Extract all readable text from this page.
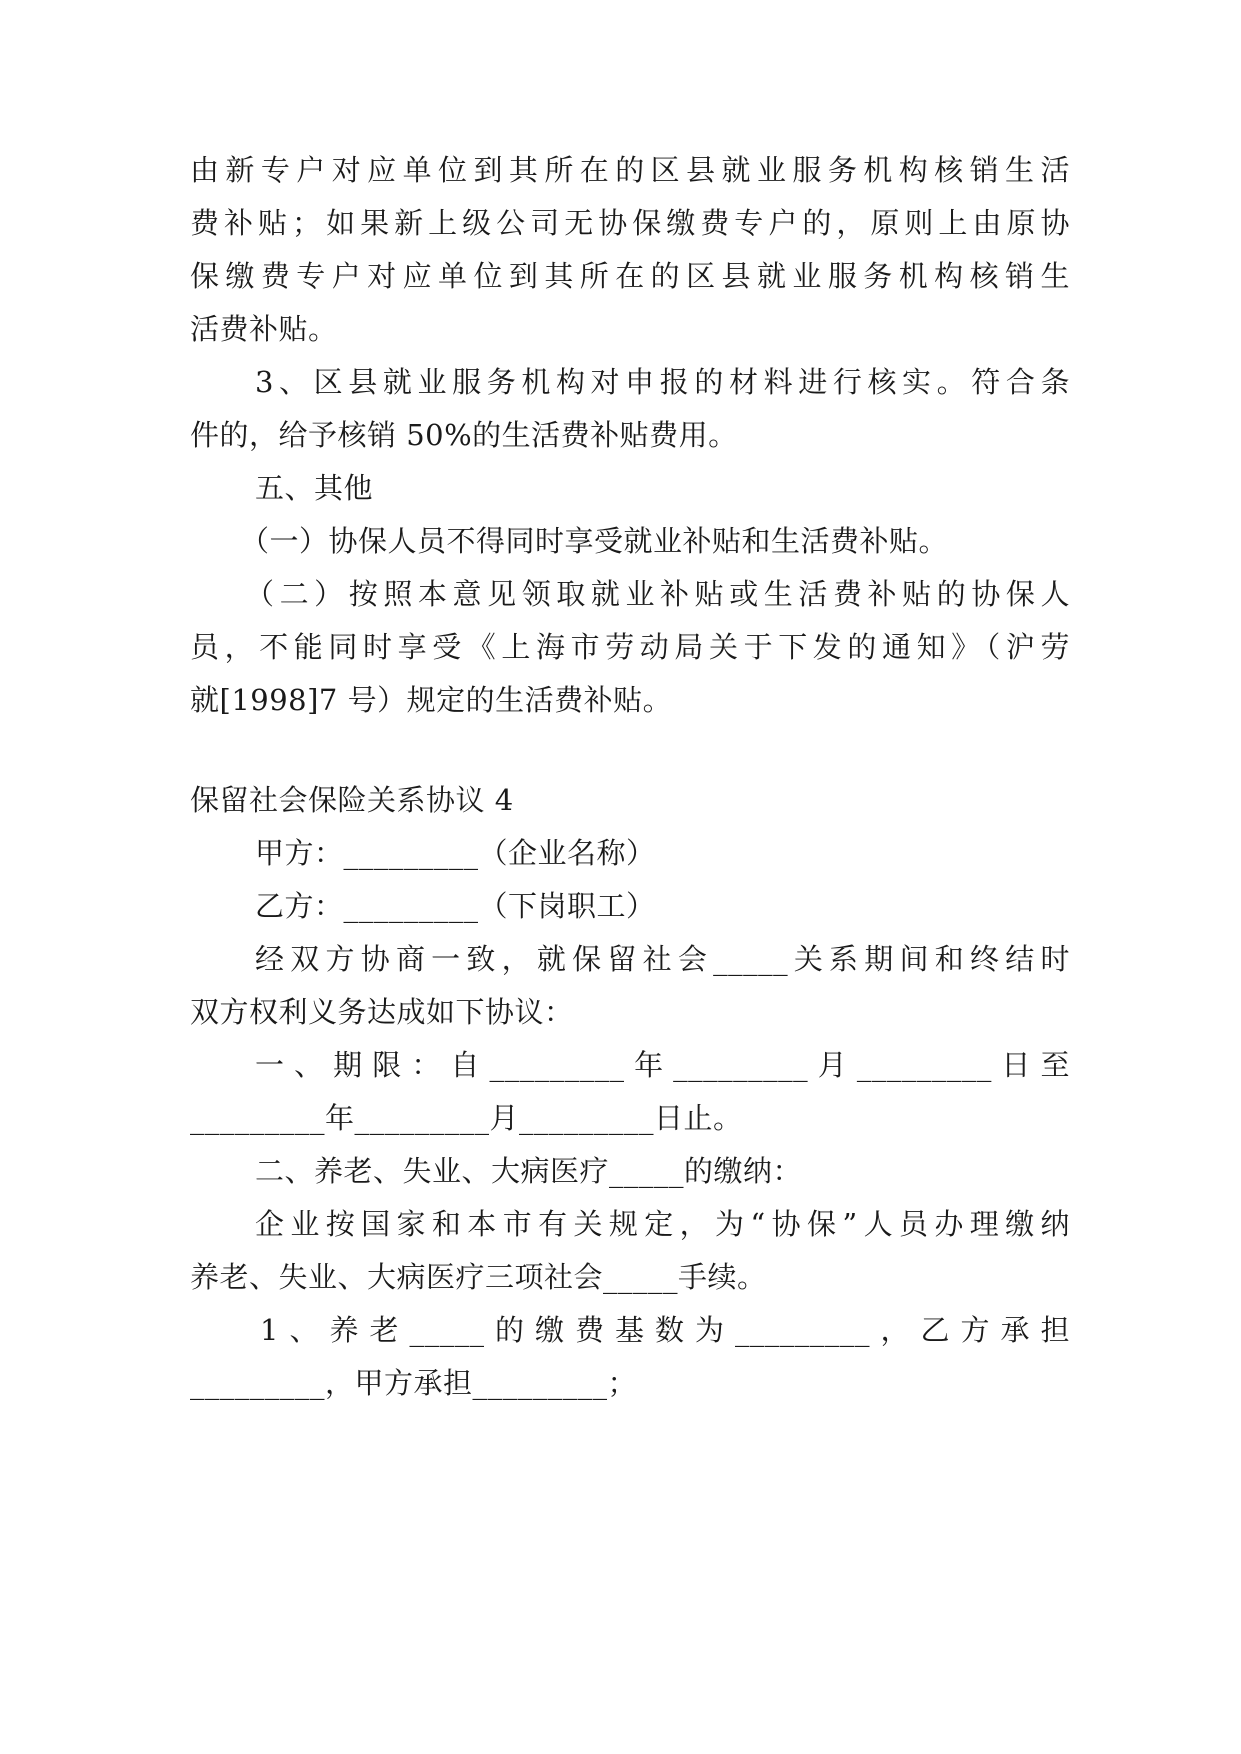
由新专户对应单位到其所在的区县就业服务机构核销生活
费补贴；如果新上级公司无协保缴费专户的，原则上由原协
保缴费专户对应单位到其所在的区县就业服务机构核销生
活费补贴。
3、区县就业服务机构对申报的材料进行核实。符合条
件的，给予核销 50%的生活费补贴费用。
五、其他
（一）协保人员不得同时享受就业补贴和生活费补贴。
（二）按照本意见领取就业补贴或生活费补贴的协保人
员，不能同时享受《上海市劳动局关于下发的通知》（沪劳
就[1998]7 号）规定的生活费补贴。
保留社会保险关系协议 4
甲方：_________（企业名称）
乙方：_________（下岗职工）
经双方协商一致，就保留社会_____关系期间和终结时
双方权利义务达成如下协议：
一、期限：自_________年_________月_________日至
_________年_________月_________日止。
二、养老、失业、大病医疗_____的缴纳：
企业按国家和本市有关规定，为“协保”人员办理缴纳
养老、失业、大病医疗三项社会_____手续。
1、养老_____的缴费基数为_________，乙方承担
_________，甲方承担_________；
